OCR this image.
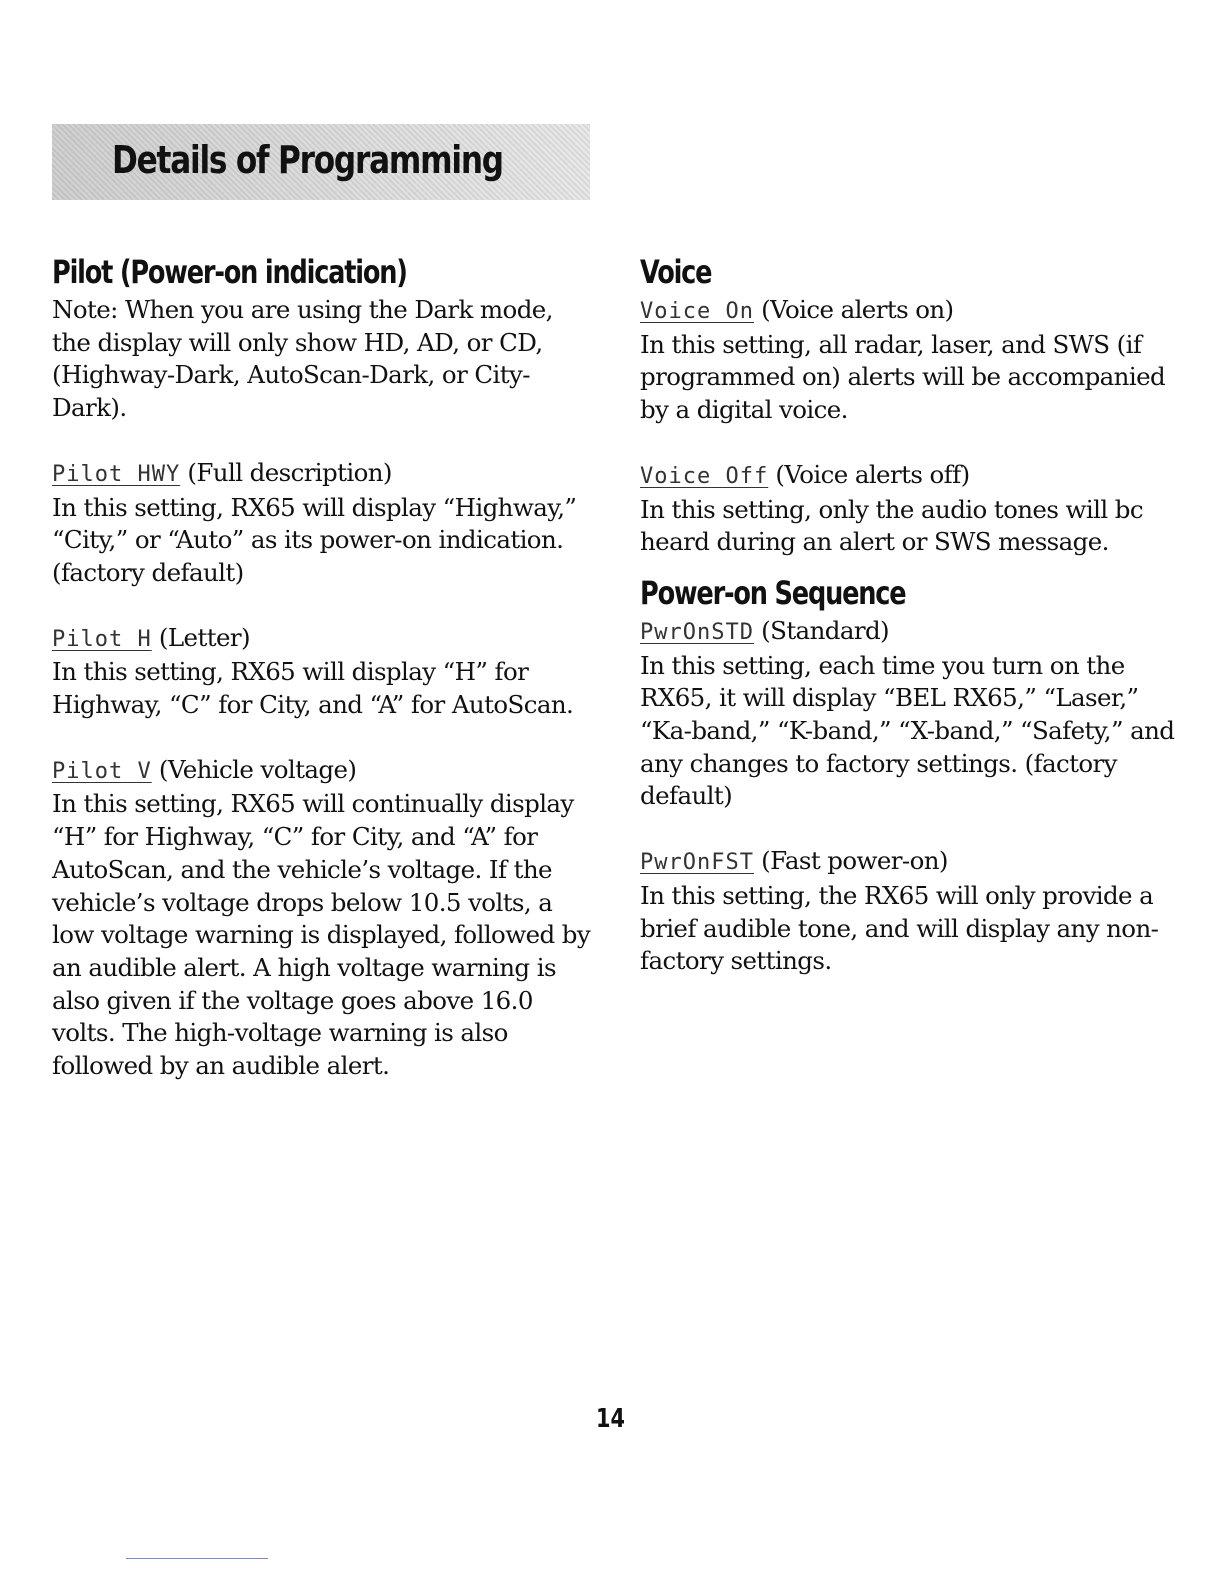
Details of Programming
Pilot (Power-on indication)

Note: When you are using the Dark mode, the display will only show HD, AD, or CD, (Highway-Dark, AutoScan-Dark, or City-Dark).

Pilot HWY (Full description)

In this setting, RX65 will display “Highway,” “City,” or “Auto” as its power-on indication. (factory default)

Pilot H (Letter)

In this setting, RX65 will display “H” for Highway, “C” for City, and “A” for AutoScan.

Pilot V (Vehicle voltage)

In this setting, RX65 will continually display “H” for Highway, “C” for City, and “A” for AutoScan, and the vehicle’s voltage. If the vehicle’s voltage drops below 10.5 volts, a low voltage warning is displayed, followed by an audible alert. A high voltage warning is also given if the voltage goes above 16.0 volts. The high-voltage warning is also followed by an audible alert.

Voice

Voice On (Voice alerts on)

In this setting, all radar, laser, and SWS (if programmed on) alerts will be accompanied by a digital voice.

Voice Off (Voice alerts off)

In this setting, only the audio tones will bc heard during an alert or SWS message.

Power-on Sequence

PwrOnSTD (Standard)

In this setting, each time you turn on the RX65, it will display “BEL RX65,” “Laser,” “Ka-band,” “K-band,” “X-band,” “Safety,” and any changes to factory settings. (factory default)

PwrOnFST (Fast power-on)

In this setting, the RX65 will only provide a brief audible tone, and will display any non-factory settings.

14
